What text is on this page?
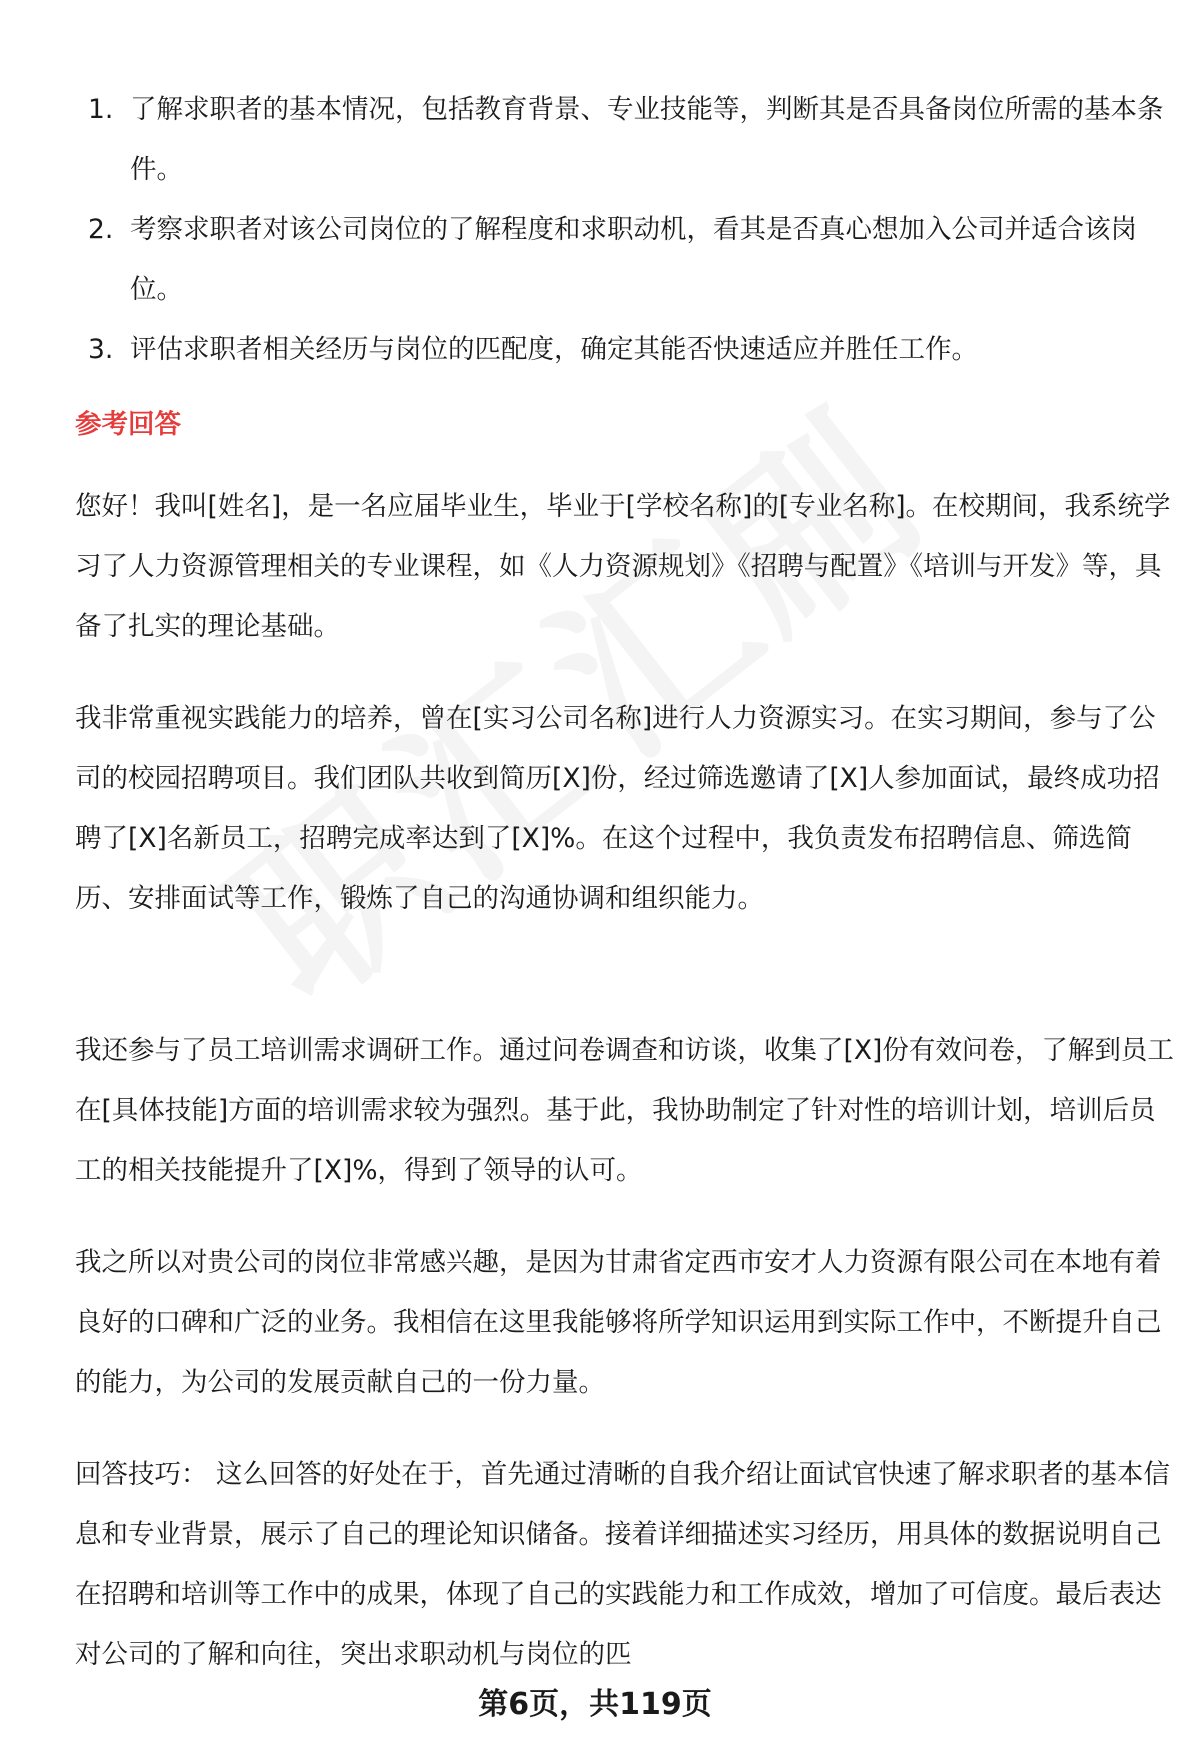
1. 了解求职者的基本情况，包括教育背景、专业技能等，判断其是否具备岗位所需的基本条件。
2. 考察求职者对该公司岗位的了解程度和求职动机，看其是否真心想加入公司并适合该岗位。
3. 评估求职者相关经历与岗位的匹配度，确定其能否快速适应并胜任工作。
参考回答

您好！我叫[姓名]，是一名应届毕业生，毕业于[学校名称]的[专业名称]。在校期间，我系统学习了人力资源管理相关的专业课程，如《人力资源规划》《招聘与配置》《培训与开发》等，具备了扎实的理论基础。

我非常重视实践能力的培养，曾在[实习公司名称]进行人力资源实习。在实习期间，参与了公司的校园招聘项目。我们团队共收到简历[X]份，经过筛选邀请了[X]人参加面试，最终成功招聘了[X]名新员工，招聘完成率达到了[X]%。在这个过程中，我负责发布招聘信息、筛选简历、安排面试等工作，锻炼了自己的沟通协调和组织能力。

我还参与了员工培训需求调研工作。通过问卷调查和访谈，收集了[X]份有效问卷，了解到员工在[具体技能]方面的培训需求较为强烈。基于此，我协助制定了针对性的培训计划，培训后员工的相关技能提升了[X]%，得到了领导的认可。

我之所以对贵公司的岗位非常感兴趣，是因为甘肃省定西市安才人力资源有限公司在本地有着良好的口碑和广泛的业务。我相信在这里我能够将所学知识运用到实际工作中，不断提升自己的能力，为公司的发展贡献自己的一份力量。

回答技巧： 这么回答的好处在于，首先通过清晰的自我介绍让面试官快速了解求职者的基本信息和专业背景，展示了自己的理论知识储备。接着详细描述实习经历，用具体的数据说明自己在招聘和培训等工作中的成果，体现了自己的实践能力和工作成效，增加了可信度。最后表达对公司的了解和向往，突出求职动机与岗位的匹

第6页，共119页
